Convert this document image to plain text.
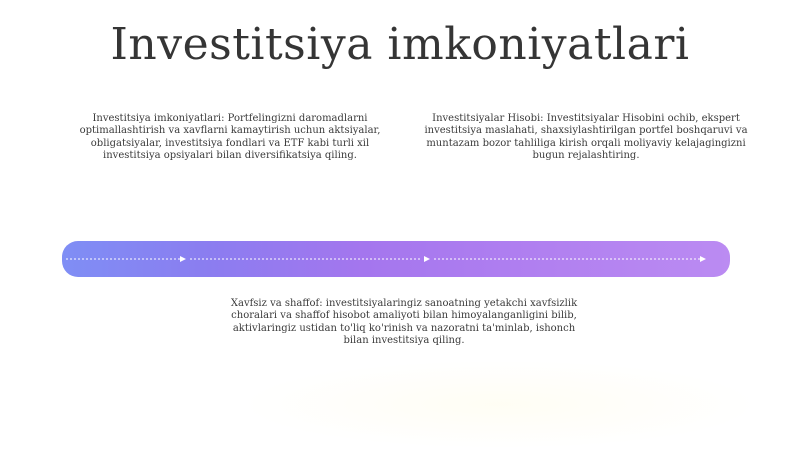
Investitsiya imkoniyatlari
Investitsiya imkoniyatlari: Portfelingizni daromadlarni optimallashtirish va xavflarni kamaytirish uchun aktsiyalar, obligatsiyalar, investitsiya fondlari va ETF kabi turli xil investitsiya opsiyalari bilan diversifikatsiya qiling.
Investitsiyalar Hisobi: Investitsiyalar Hisobini ochib, ekspert investitsiya maslahati, shaxsiylashtirilgan portfel boshqaruvi va muntazam bozor tahliliga kirish orqali moliyaviy kelajagingizni bugun rejalashtiring.
Xavfsiz va shaffof: investitsiyalaringiz sanoatning yetakchi xavfsizlik choralari va shaffof hisobot amaliyoti bilan himoyalanganligini bilib, aktivlaringiz ustidan to'liq ko'rinish va nazoratni ta'minlab, ishonch bilan investitsiya qiling.
